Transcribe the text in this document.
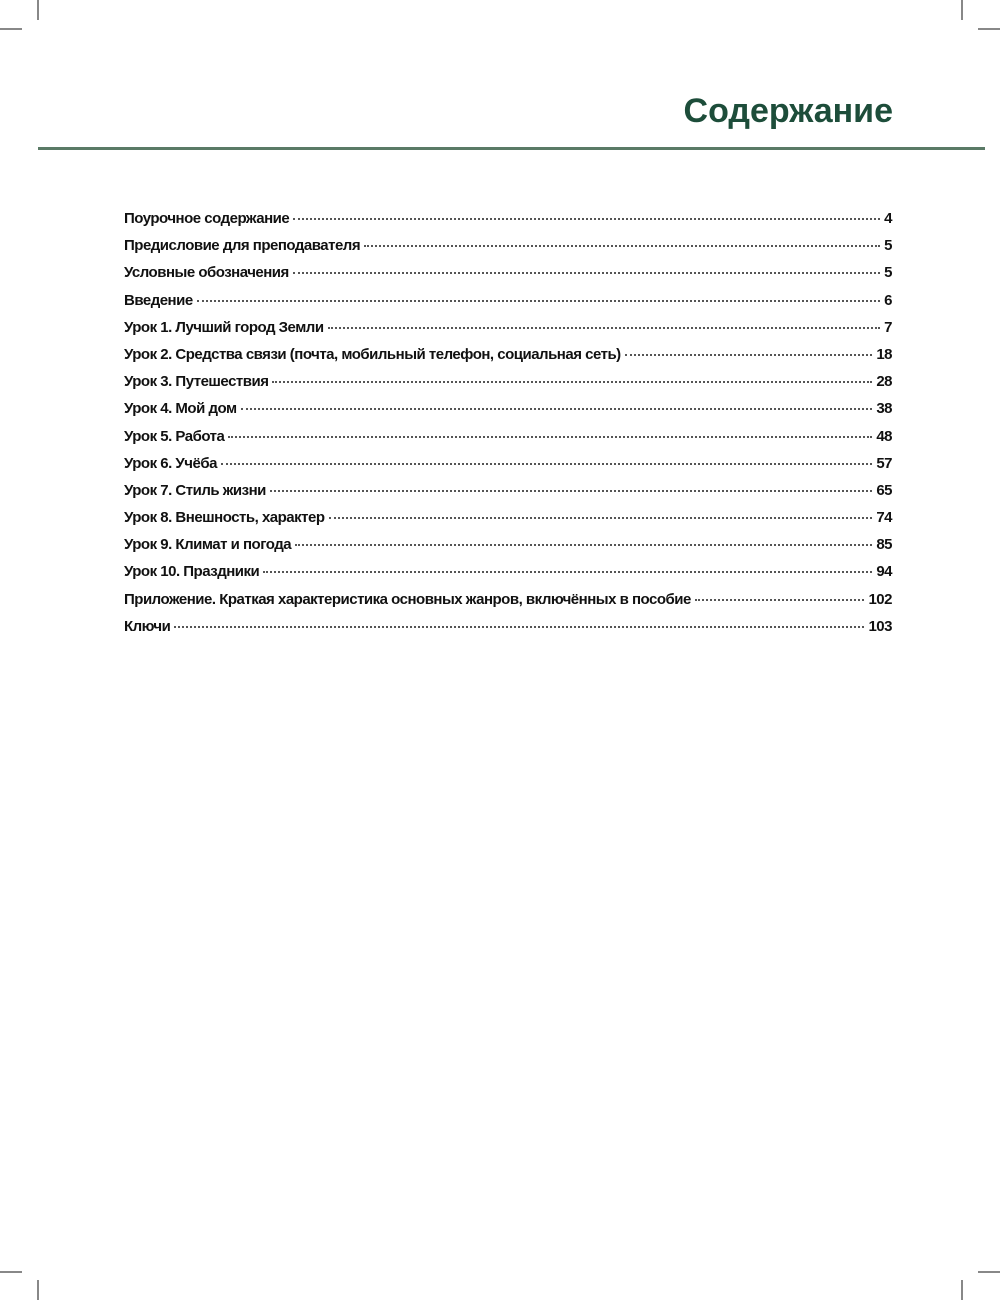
Содержание
Поурочное содержание	4
Предисловие для преподавателя	5
Условные обозначения	5
Введение	6
Урок 1. Лучший город Земли	7
Урок 2. Средства связи (почта, мобильный телефон, социальная сеть)	18
Урок 3. Путешествия	28
Урок 4. Мой дом	38
Урок 5. Работа	48
Урок 6. Учёба	57
Урок 7. Стиль жизни	65
Урок 8. Внешность, характер	74
Урок 9. Климат и погода	85
Урок 10. Праздники	94
Приложение. Краткая характеристика основных жанров, включённых в пособие	102
Ключи	103
